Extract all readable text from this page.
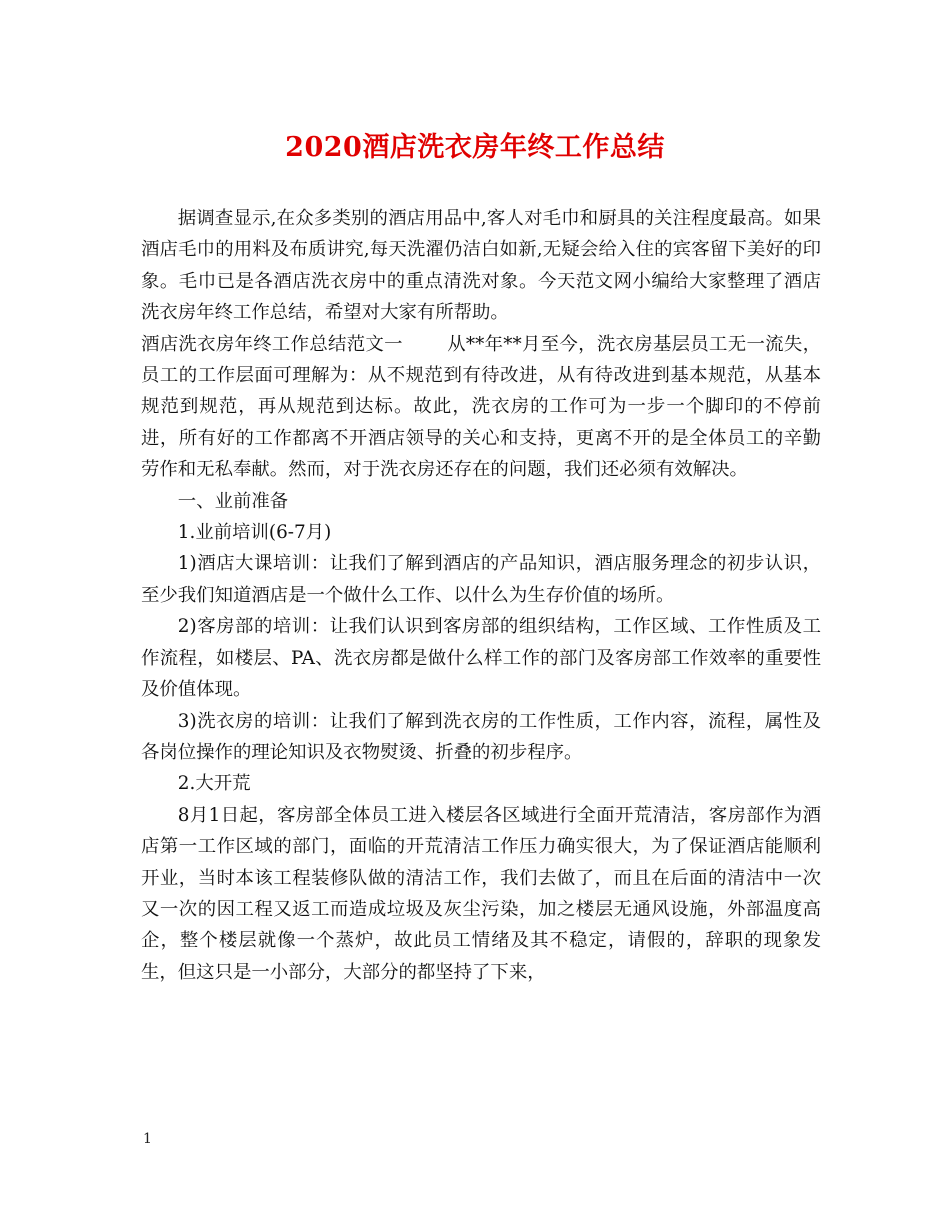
2020酒店洗衣房年终工作总结

据调查显示,在众多类别的酒店用品中,客人对毛巾和厨具的关注程度最高。如果酒店毛巾的用料及布质讲究,每天洗濯仍洁白如新,无疑会给入住的宾客留下美好的印象。毛巾已是各酒店洗衣房中的重点清洗对象。今天范文网小编给大家整理了酒店洗衣房年终工作总结，希望对大家有所帮助。

酒店洗衣房年终工作总结范文一 从**年**月至今，洗衣房基层员工无一流失，员工的工作层面可理解为：从不规范到有待改进，从有待改进到基本规范，从基本规范到规范，再从规范到达标。故此，洗衣房的工作可为一步一个脚印的不停前进，所有好的工作都离不开酒店领导的关心和支持，更离不开的是全体员工的辛勤劳作和无私奉献。然而，对于洗衣房还存在的问题，我们还必须有效解决。

一、业前准备

1.业前培训(6-7月)

1)酒店大课培训：让我们了解到酒店的产品知识，酒店服务理念的初步认识，至少我们知道酒店是一个做什么工作、以什么为生存价值的场所。

2)客房部的培训：让我们认识到客房部的组织结构，工作区域、工作性质及工作流程，如楼层、PA、洗衣房都是做什么样工作的部门及客房部工作效率的重要性及价值体现。

3)洗衣房的培训：让我们了解到洗衣房的工作性质，工作内容，流程，属性及各岗位操作的理论知识及衣物熨烫、折叠的初步程序。

2.大开荒

8月1日起，客房部全体员工进入楼层各区域进行全面开荒清洁，客房部作为酒店第一工作区域的部门，面临的开荒清洁工作压力确实很大，为了保证酒店能顺利开业，当时本该工程装修队做的清洁工作，我们去做了，而且在后面的清洁中一次又一次的因工程又返工而造成垃圾及灰尘污染，加之楼层无通风设施，外部温度高企，整个楼层就像一个蒸炉，故此员工情绪及其不稳定，请假的，辞职的现象发生，但这只是一小部分，大部分的都坚持了下来，

1
